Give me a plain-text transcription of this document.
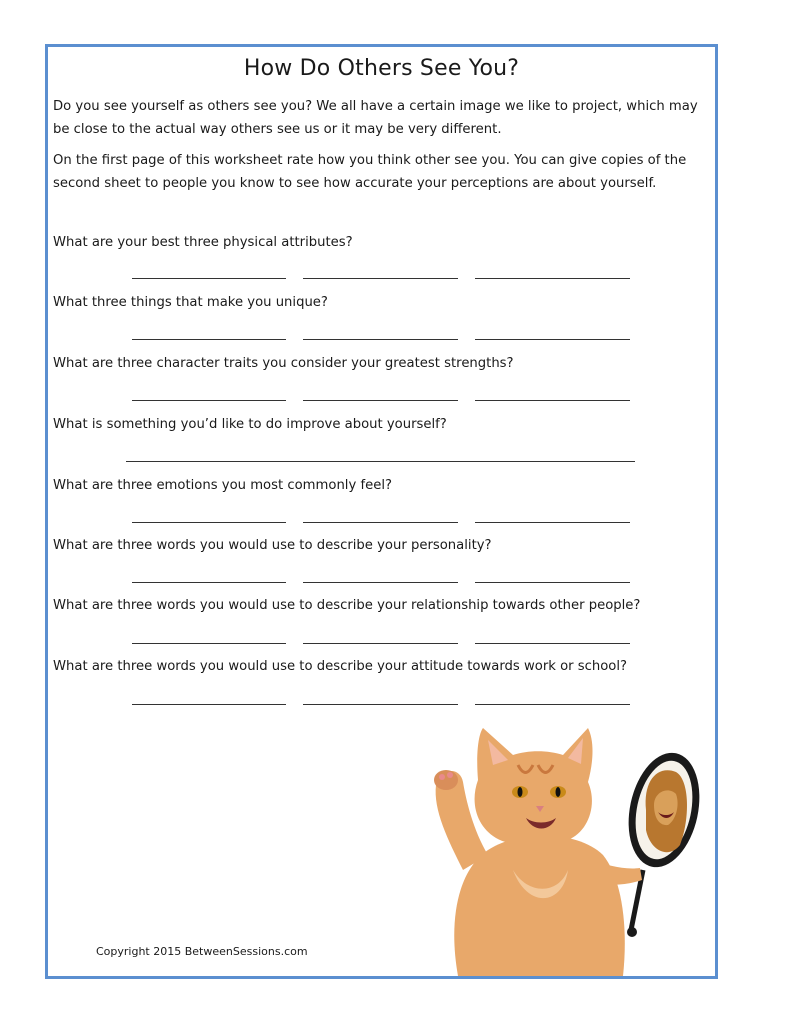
How Do Others See You?

Do you see yourself as others see you? We all have a certain image we like to project, which may be close to the actual way others see us or it may be very different.

On the first page of this worksheet rate how you think other see you. You can give copies of the second sheet to people you know to see how accurate your perceptions are about yourself.

What are your best three physical attributes?

What three things that make you unique?

What are three character traits you consider your greatest strengths?

What is something you’d like to do improve about yourself?

What are three emotions you most commonly feel?

What are three words you would use to describe your personality?

What are three words you would use to describe your relationship towards other people?

What are three words you would use to describe your attitude towards work or school?

Copyright 2015 BetweenSessions.com
